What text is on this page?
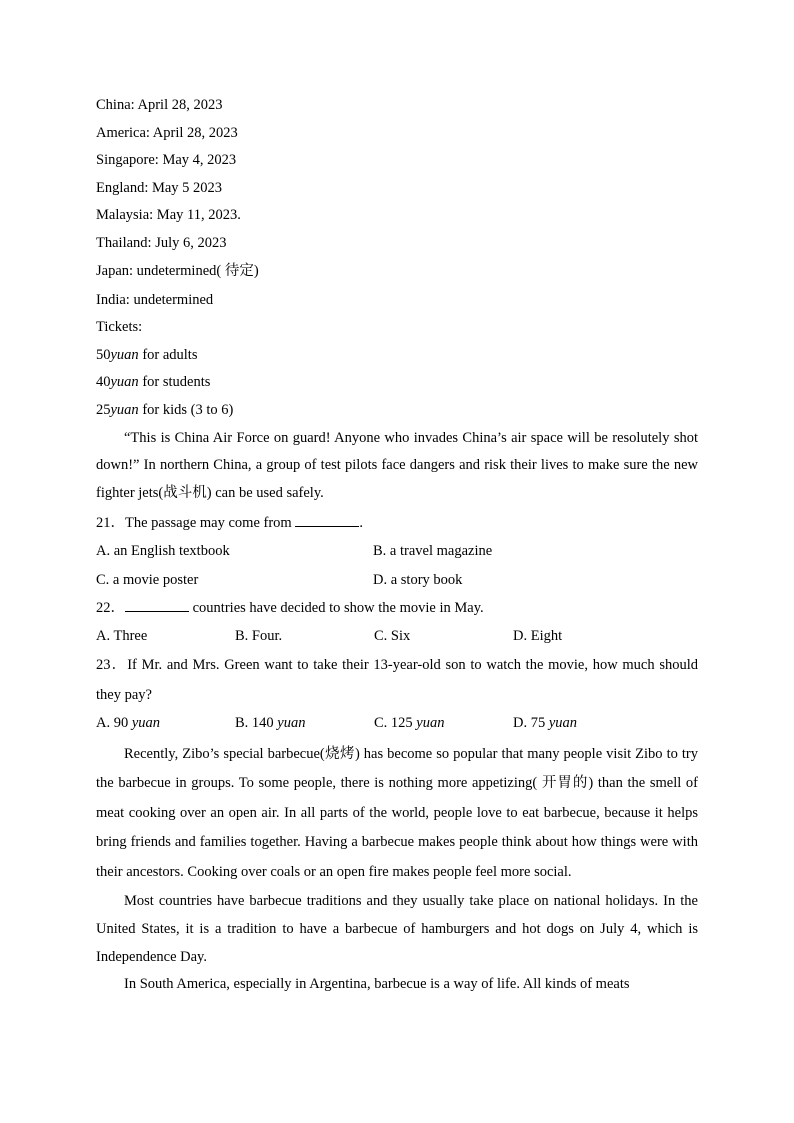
China: April 28, 2023
America: April 28, 2023
Singapore: May 4, 2023
England: May 5 2023
Malaysia: May 11, 2023.
Thailand: July 6, 2023
Japan: undetermined( 待定)
India: undetermined
Tickets:
50yuan for adults
40yuan for students
25yuan for kids (3 to 6)
“This is China Air Force on guard! Anyone who invades China’s air space will be resolutely shot down!” In northern China, a group of test pilots face dangers and risk their lives to make sure the new fighter jets(战斗机) can be used safely.
21．The passage may come from	.
A. an English textbook	B. a travel magazine
C. a movie poster	D. a story book
22．	countries have decided to show the movie in May.
A. Three	B. Four.	C. Six	D. Eight
23．If Mr. and Mrs. Green want to take their 13-year-old son to watch the movie, how much should they pay?
A. 90 yuan	B. 140 yuan	C. 125 yuan	D. 75 yuan
Recently, Zibo’s special barbecue(烧烤) has become so popular that many people visit Zibo to try the barbecue in groups. To some people, there is nothing more appetizing( 开胃的) than the smell of meat cooking over an open air. In all parts of the world, people love to eat barbecue, because it helps bring friends and families together. Having a barbecue makes people think about how things were with their ancestors. Cooking over coals or an open fire makes people feel more social.
Most countries have barbecue traditions and they usually take place on national holidays. In the United States, it is a tradition to have a barbecue of hamburgers and hot dogs on July 4, which is Independence Day.
In South America, especially in Argentina, barbecue is a way of life. All kinds of meats
